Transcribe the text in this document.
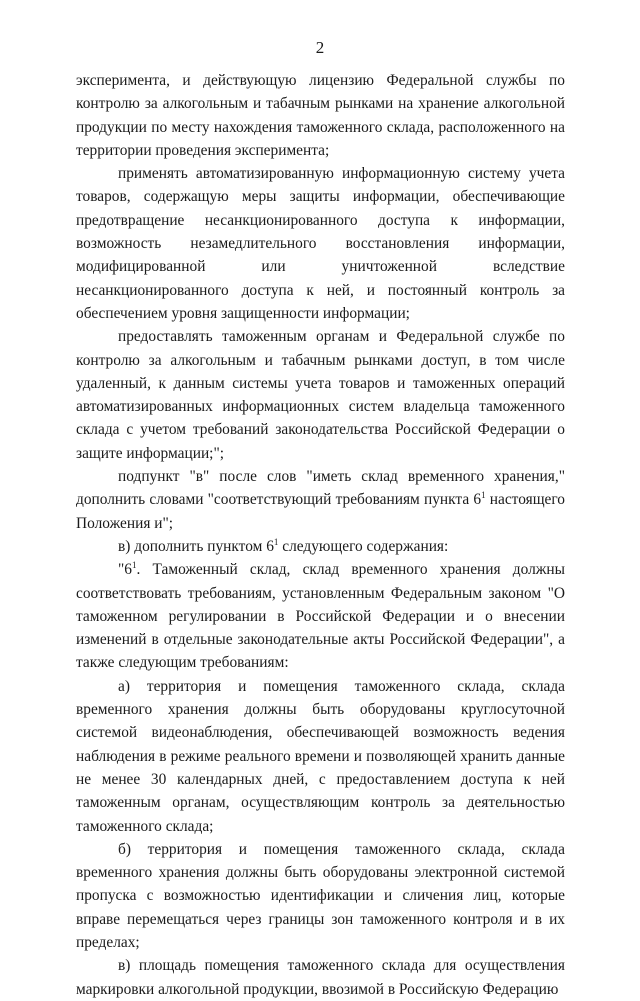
2

эксперимента, и действующую лицензию Федеральной службы по контролю за алкогольным и табачным рынками на хранение алкогольной продукции по месту нахождения таможенного склада, расположенного на территории проведения эксперимента;

применять автоматизированную информационную систему учета товаров, содержащую меры защиты информации, обеспечивающие предотвращение несанкционированного доступа к информации, возможность незамедлительного восстановления информации, модифицированной или уничтоженной вследствие несанкционированного доступа к ней, и постоянный контроль за обеспечением уровня защищенности информации;

предоставлять таможенным органам и Федеральной службе по контролю за алкогольным и табачным рынками доступ, в том числе удаленный, к данным системы учета товаров и таможенных операций автоматизированных информационных систем владельца таможенного склада с учетом требований законодательства Российской Федерации о защите информации;";

подпункт "в" после слов "иметь склад временного хранения," дополнить словами "соответствующий требованиям пункта $6^1$ настоящего Положения и";

в) дополнить пунктом $6^1$ следующего содержания:

"$6^1$. Таможенный склад, склад временного хранения должны соответствовать требованиям, установленным Федеральным законом "О таможенном регулировании в Российской Федерации и о внесении изменений в отдельные законодательные акты Российской Федерации", а также следующим требованиям:

а) территория и помещения таможенного склада, склада временного хранения должны быть оборудованы круглосуточной системой видеонаблюдения, обеспечивающей возможность ведения наблюдения в режиме реального времени и позволяющей хранить данные не менее 30 календарных дней, с предоставлением доступа к ней таможенным органам, осуществляющим контроль за деятельностью таможенного склада;

б) территория и помещения таможенного склада, склада временного хранения должны быть оборудованы электронной системой пропуска с возможностью идентификации и сличения лиц, которые вправе перемещаться через границы зон таможенного контроля и в их пределах;

в) площадь помещения таможенного склада для осуществления маркировки алкогольной продукции, ввозимой в Российскую Федерацию
